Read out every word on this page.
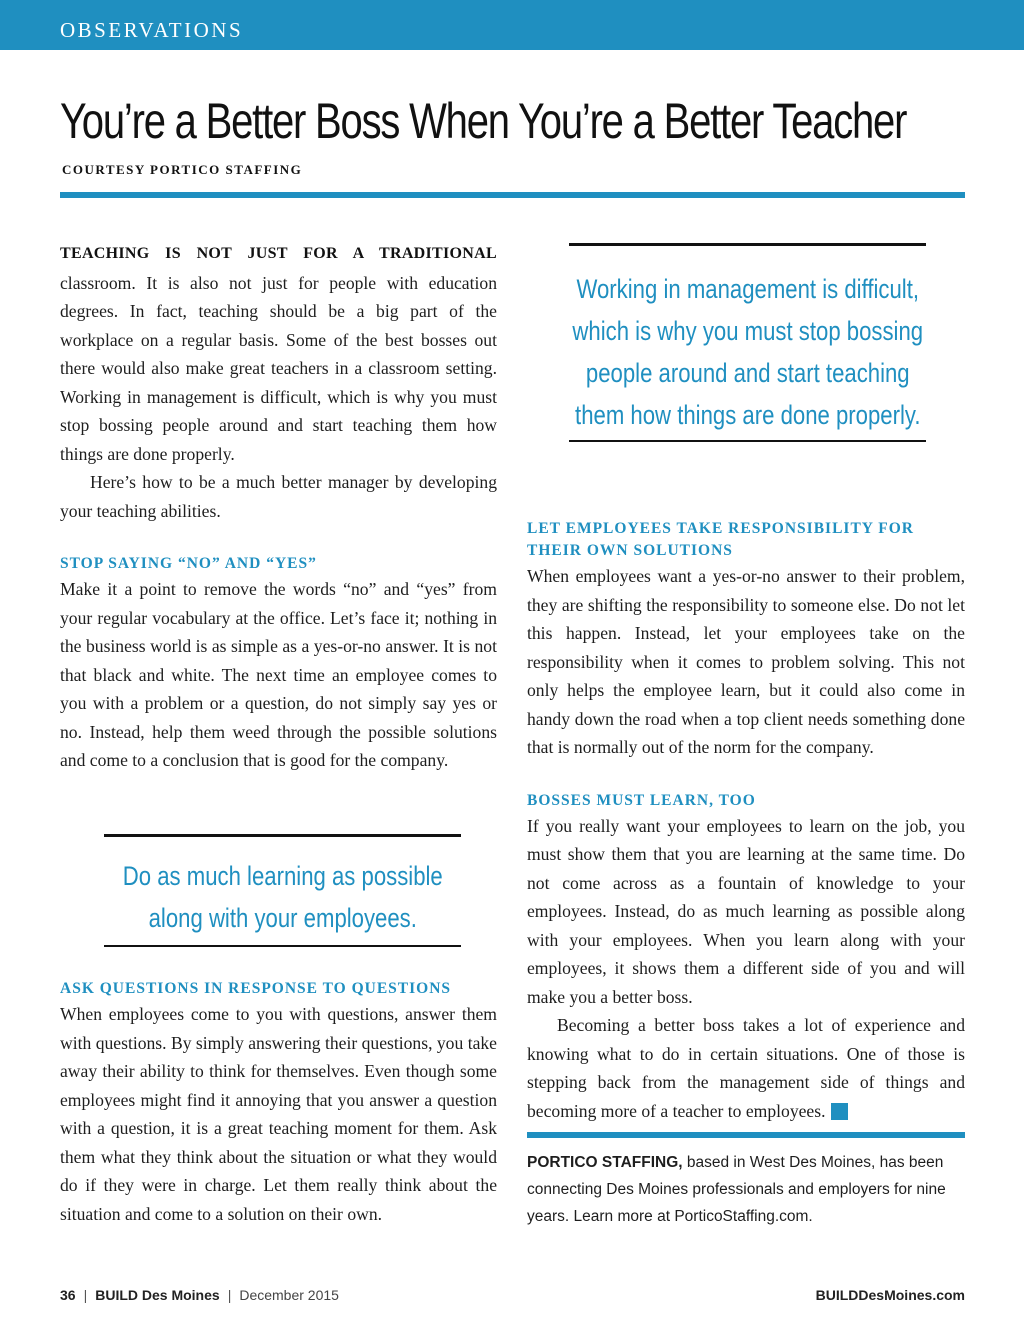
OBSERVATIONS
You’re a Better Boss When You’re a Better Teacher
COURTESY PORTICO STAFFING

TEACHING IS NOT JUST FOR A TRADITIONAL classroom. It is also not just for people with education degrees. In fact, teaching should be a big part of the workplace on a regular basis. Some of the best bosses out there would also make great teachers in a classroom setting. Working in management is difficult, which is why you must stop bossing people around and start teaching them how things are done properly.

Here’s how to be a much better manager by developing your teaching abilities.

STOP SAYING “NO” AND “YES”

Make it a point to remove the words “no” and “yes” from your regular vocabulary at the office. Let’s face it; nothing in the business world is as simple as a yes-or-no answer. It is not that black and white. The next time an employee comes to you with a problem or a question, do not simply say yes or no. Instead, help them weed through the possible solutions and come to a conclusion that is good for the company.

Working in management is difficult, which is why you must stop bossing people around and start teaching them how things are done properly.
Do as much learning as possible along with your employees.
ASK QUESTIONS IN RESPONSE TO QUESTIONS

When employees come to you with questions, answer them with questions. By simply answering their questions, you take away their ability to think for themselves. Even though some employees might find it annoying that you answer a question with a question, it is a great teaching moment for them. Ask them what they think about the situation or what they would do if they were in charge. Let them really think about the situation and come to a solution on their own.

LET EMPLOYEES TAKE RESPONSIBILITY FOR THEIR OWN SOLUTIONS

When employees want a yes-or-no answer to their problem, they are shifting the responsibility to someone else. Do not let this happen. Instead, let your employees take on the responsibility when it comes to problem solving. This not only helps the employee learn, but it could also come in handy down the road when a top client needs something done that is normally out of the norm for the company.

BOSSES MUST LEARN, TOO

If you really want your employees to learn on the job, you must show them that you are learning at the same time. Do not come across as a fountain of knowledge to your employees. Instead, do as much learning as possible along with your employees. When you learn along with your employees, it shows them a different side of you and will make you a better boss.

Becoming a better boss takes a lot of experience and knowing what to do in certain situations. One of those is stepping back from the management side of things and becoming more of a teacher to employees.	B

PORTICO STAFFING, based in West Des Moines, has been connecting Des Moines professionals and employers for nine years. Learn more at PorticoStaffing.com.
36 | BUILD Des Moines | December 2015	BUILDDesMoines.com
